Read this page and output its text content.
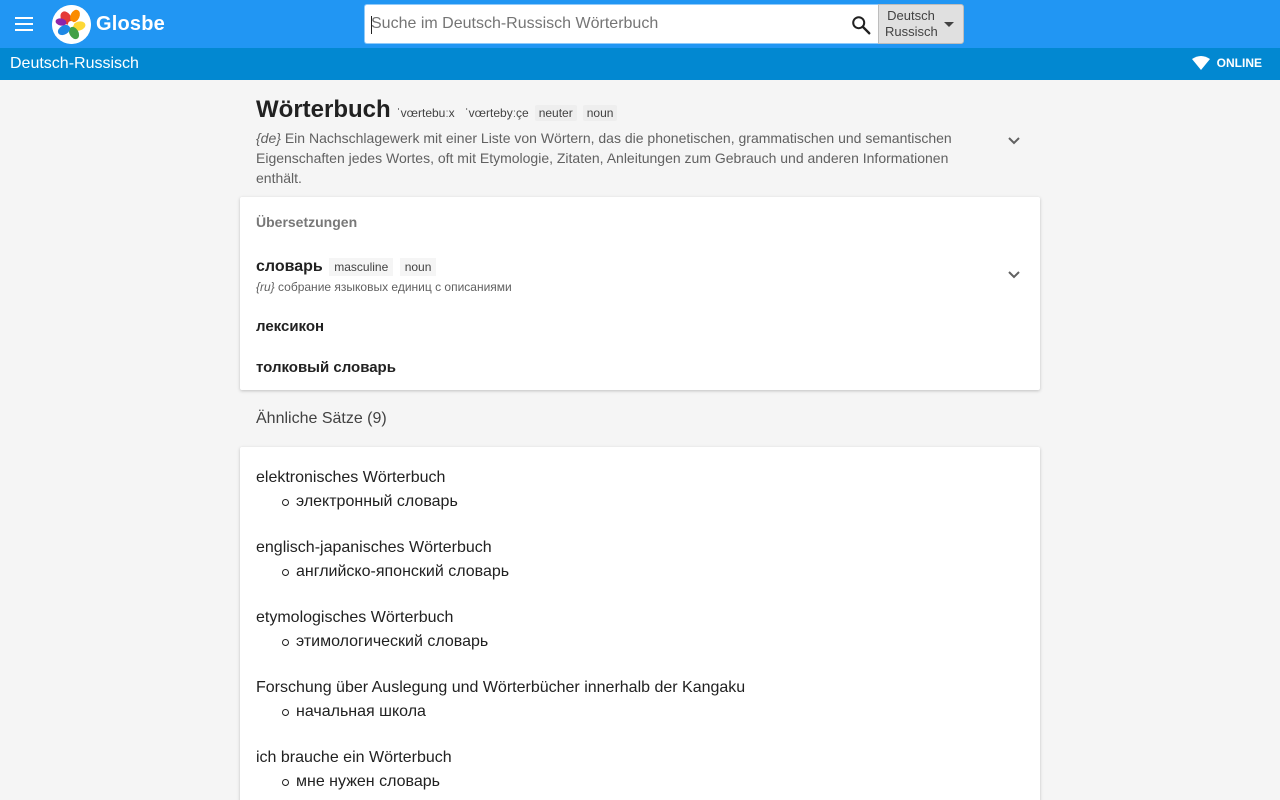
Glosbe
Suche im Deutsch-Russisch Wörterbuch	Deutsch
Russisch
Deutsch-Russisch	ONLINE
Wörterbuch ˈvœrtebuːx ˈvœrtebyːçe neuter	noun
{de} Ein Nachschlagewerk mit einer Liste von Wörtern, das die phonetischen, grammatischen und semantischen Eigenschaften jedes Wortes, oft mit Etymologie, Zitaten, Anleitungen zum Gebrauch und anderen Informationen enthält.
Übersetzungen
словарь masculine noun
{ru} собрание языковых единиц с описаниями
лексикон
толковый словарь
Ähnliche Sätze (9)
elektronisches Wörterbuch
электронный словарь
englisch-japanisches Wörterbuch
английско-японский словарь
etymologisches Wörterbuch
этимологический словарь
Forschung über Auslegung und Wörterbücher innerhalb der Kangaku
начальная школа
ich brauche ein Wörterbuch
мне нужен словарь
